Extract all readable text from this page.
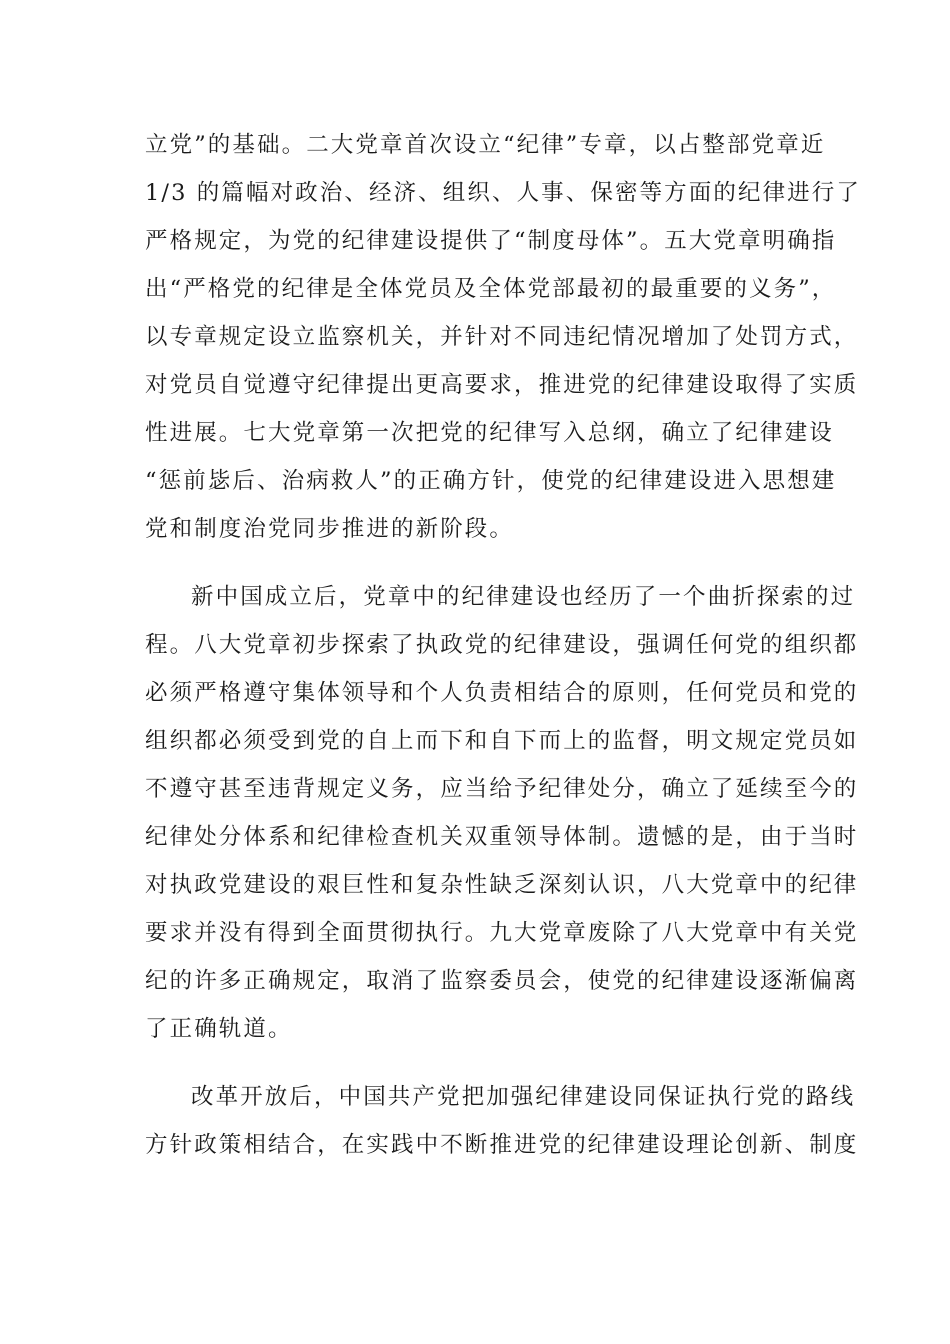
立党”的基础。二大党章首次设立“纪律”专章，以占整部党章近
1/3 的篇幅对政治、经济、组织、人事、保密等方面的纪律进行了
严格规定，为党的纪律建设提供了“制度母体”。五大党章明确指
出“严格党的纪律是全体党员及全体党部最初的最重要的义务”，
以专章规定设立监察机关，并针对不同违纪情况增加了处罚方式，
对党员自觉遵守纪律提出更高要求，推进党的纪律建设取得了实质
性进展。七大党章第一次把党的纪律写入总纲，确立了纪律建设
“惩前毖后、治病救人”的正确方针，使党的纪律建设进入思想建
党和制度治党同步推进的新阶段。
新中国成立后，党章中的纪律建设也经历了一个曲折探索的过
程。八大党章初步探索了执政党的纪律建设，强调任何党的组织都
必须严格遵守集体领导和个人负责相结合的原则，任何党员和党的
组织都必须受到党的自上而下和自下而上的监督，明文规定党员如
不遵守甚至违背规定义务，应当给予纪律处分，确立了延续至今的
纪律处分体系和纪律检查机关双重领导体制。遗憾的是，由于当时
对执政党建设的艰巨性和复杂性缺乏深刻认识，八大党章中的纪律
要求并没有得到全面贯彻执行。九大党章废除了八大党章中有关党
纪的许多正确规定，取消了监察委员会，使党的纪律建设逐渐偏离
了正确轨道。
改革开放后，中国共产党把加强纪律建设同保证执行党的路线
方针政策相结合，在实践中不断推进党的纪律建设理论创新、制度
